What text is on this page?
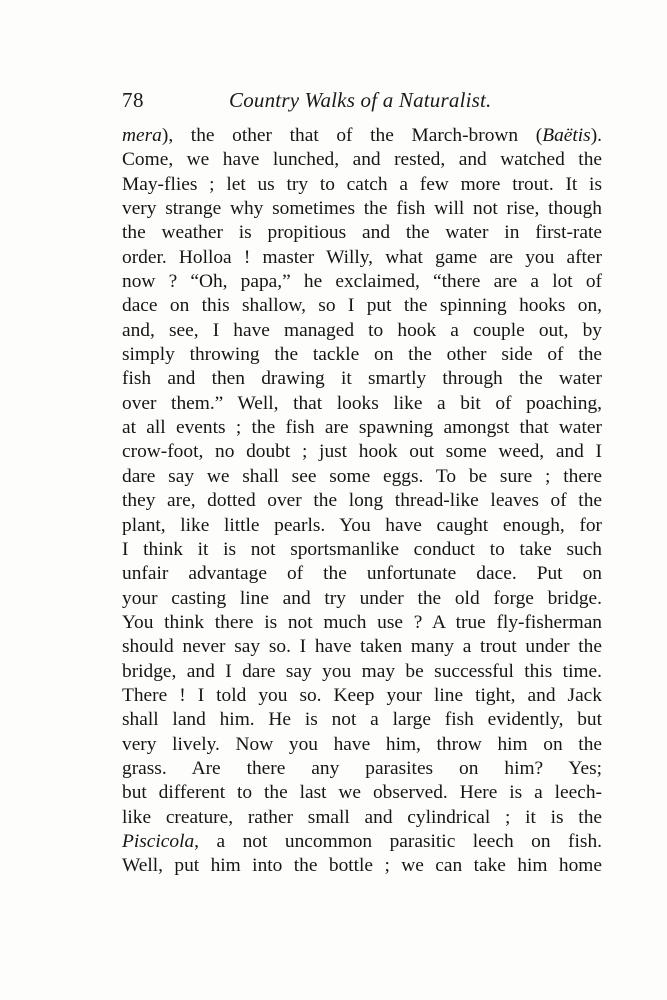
78	Country Walks of a Naturalist.
mera), the other that of the March-brown (Baëtis).
Come, we have lunched, and rested, and watched the
May-flies ; let us try to catch a few more trout. It is
very strange why sometimes the fish will not rise, though
the weather is propitious and the water in first-rate
order. Holloa ! master Willy, what game are you after
now ? “Oh, papa,” he exclaimed, “there are a lot of
dace on this shallow, so I put the spinning hooks on,
and, see, I have managed to hook a couple out, by
simply throwing the tackle on the other side of the
fish and then drawing it smartly through the water
over them.” Well, that looks like a bit of poaching,
at all events ; the fish are spawning amongst that water
crow-foot, no doubt ; just hook out some weed, and I
dare say we shall see some eggs. To be sure ; there
they are, dotted over the long thread-like leaves of the
plant, like little pearls. You have caught enough, for
I think it is not sportsmanlike conduct to take such
unfair advantage of the unfortunate dace. Put on
your casting line and try under the old forge bridge.
You think there is not much use ? A true fly-fisherman
should never say so. I have taken many a trout under the
bridge, and I dare say you may be successful this time.
There ! I told you so. Keep your line tight, and Jack
shall land him. He is not a large fish evidently, but
very lively. Now you have him, throw him on the
grass. Are there any parasites on him? Yes;
but different to the last we observed. Here is a leech-
like creature, rather small and cylindrical ; it is the
Piscicola, a not uncommon parasitic leech on fish.
Well, put him into the bottle ; we can take him home
